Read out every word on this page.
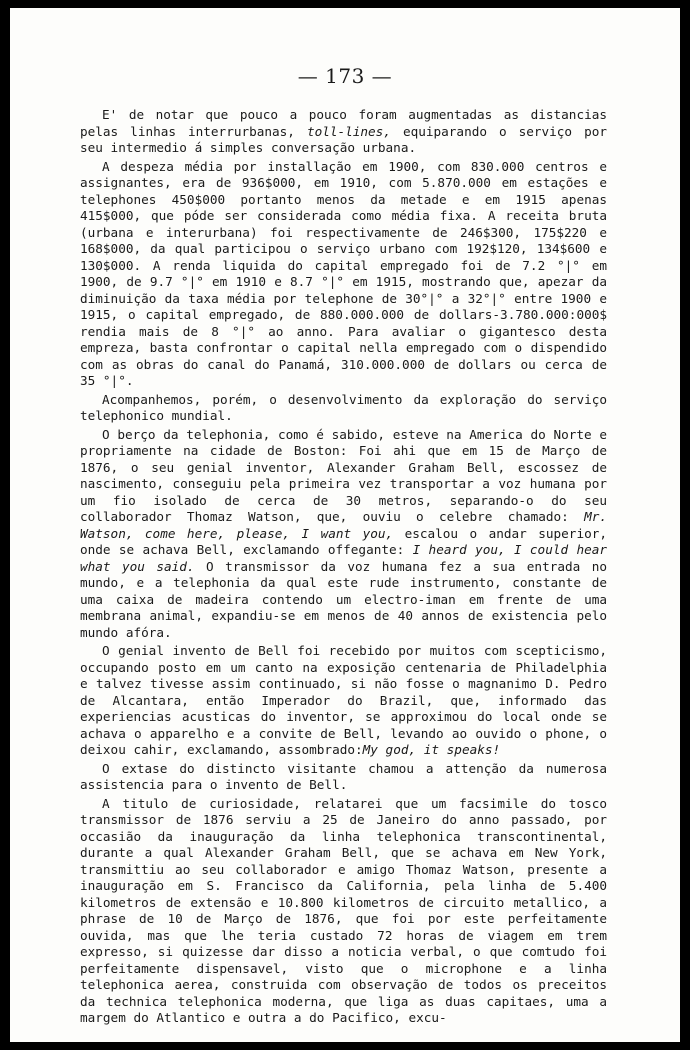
— 173 —

E' de notar que pouco a pouco foram augmentadas as distancias pelas linhas interrurbanas, toll-lines, equiparando o serviço por seu intermedio á simples conversação urbana.

A despeza média por installação em 1900, com 830.000 centros e assignantes, era de 936$000, em 1910, com 5.870.000 em estações e telephones 450$000 portanto menos da metade e em 1915 apenas 415$000, que póde ser considerada como média fixa. A receita bruta (urbana e interurbana) foi respectivamente de 246$300, 175$220 e 168$000, da qual participou o serviço urbano com 192$120, 134$600 e 130$000. A renda liquida do capital empregado foi de 7.2 °|° em 1900, de 9.7 °|° em 1910 e 8.7 °|° em 1915, mostrando que, apezar da diminuição da taxa média por telephone de 30°|° a 32°|° entre 1900 e 1915, o capital empregado, de 880.000.000 de dollars-3.780.000:000$ rendia mais de 8 °|° ao anno. Para avaliar o gigantesco desta empreza, basta confrontar o capital nella empregado com o dispendido com as obras do canal do Panamá, 310.000.000 de dollars ou cerca de 35 °|°.

Acompanhemos, porém, o desenvolvimento da exploração do serviço telephonico mundial.

O berço da telephonia, como é sabido, esteve na America do Norte e propriamente na cidade de Boston: Foi ahi que em 15 de Março de 1876, o seu genial inventor, Alexander Graham Bell, escossez de nascimento, conseguiu pela primeira vez transportar a voz humana por um fio isolado de cerca de 30 metros, separando-o do seu collaborador Thomaz Watson, que, ouviu o celebre chamado: Mr. Watson, come here, please, I want you, escalou o andar superior, onde se achava Bell, exclamando offegante: I heard you, I could hear what you said. O transmissor da voz humana fez a sua entrada no mundo, e a telephonia da qual este rude instrumento, constante de uma caixa de madeira contendo um electro-iman em frente de uma membrana animal, expandiu-se em menos de 40 annos de existencia pelo mundo afóra.

O genial invento de Bell foi recebido por muitos com scepticismo, occupando posto em um canto na exposição centenaria de Philadelphia e talvez tivesse assim continuado, si não fosse o magnanimo D. Pedro de Alcantara, então Imperador do Brazil, que, informado das experiencias acusticas do inventor, se approximou do local onde se achava o apparelho e a convite de Bell, levando ao ouvido o phone, o deixou cahir, exclamando, assombrado:My god, it speaks!

O extase do distincto visitante chamou a attenção da numerosa assistencia para o invento de Bell.

A titulo de curiosidade, relatarei que um facsimile do tosco transmissor de 1876 serviu a 25 de Janeiro do anno passado, por occasião da inauguração da linha telephonica transcontinental, durante a qual Alexander Graham Bell, que se achava em New York, transmittiu ao seu collaborador e amigo Thomaz Watson, presente a inauguração em S. Francisco da California, pela linha de 5.400 kilometros de extensão e 10.800 kilometros de circuito metallico, a phrase de 10 de Março de 1876, que foi por este perfeitamente ouvida, mas que lhe teria custado 72 horas de viagem em trem expresso, si quizesse dar disso a noticia verbal, o que comtudo foi perfeitamente dispensavel, visto que o microphone e a linha telephonica aerea, construida com observação de todos os preceitos da technica telephonica moderna, que liga as duas capitaes, uma a margem do Atlantico e outra a do Pacifico, excu-
